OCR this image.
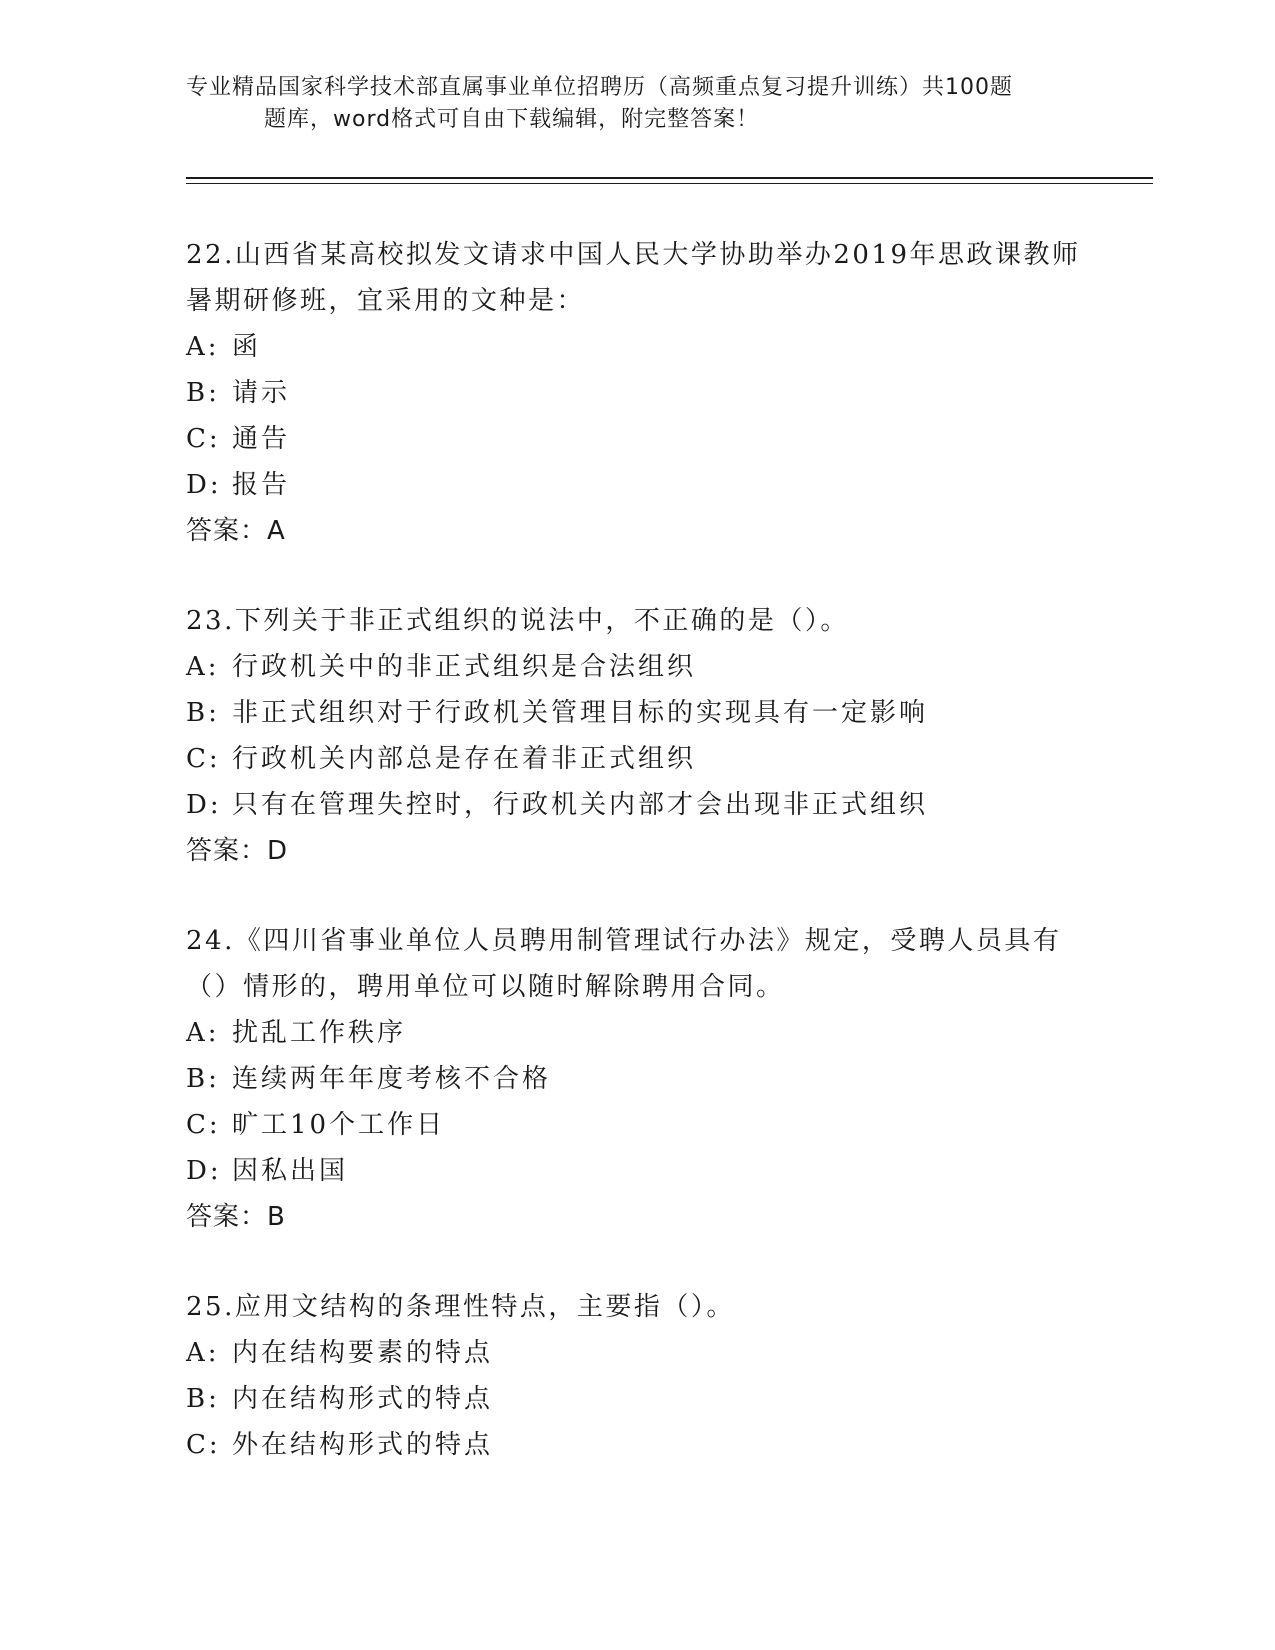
专业精品国家科学技术部直属事业单位招聘历（高频重点复习提升训练）共100题
题库，word格式可自由下载编辑，附完整答案！
22.山西省某高校拟发文请求中国人民大学协助举办2019年思政课教师暑期研修班，宜采用的文种是：
A: 函
B: 请示
C: 通告
D: 报告
答案：A
23.下列关于非正式组织的说法中，不正确的是（）。
A: 行政机关中的非正式组织是合法组织
B: 非正式组织对于行政机关管理目标的实现具有一定影响
C: 行政机关内部总是存在着非正式组织
D: 只有在管理失控时，行政机关内部才会出现非正式组织
答案：D
24.《四川省事业单位人员聘用制管理试行办法》规定，受聘人员具有（）情形的，聘用单位可以随时解除聘用合同。
A: 扰乱工作秩序
B: 连续两年年度考核不合格
C: 旷工10个工作日
D: 因私出国
答案：B
25.应用文结构的条理性特点，主要指（）。
A: 内在结构要素的特点
B: 内在结构形式的特点
C: 外在结构形式的特点
